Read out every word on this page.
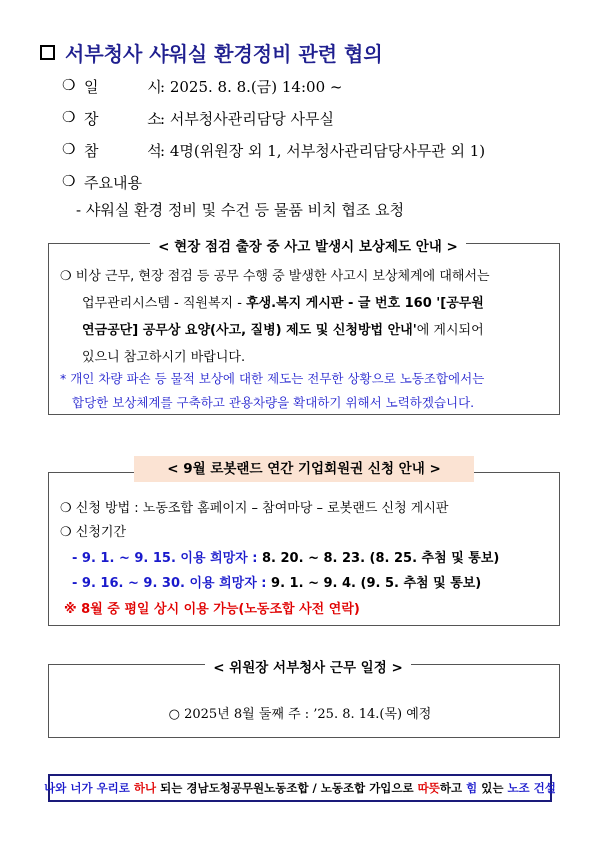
서부청사 샤워실 환경정비 관련 협의
❍ 일 시
: 2025. 8. 8.(금) 14:00 ~
❍ 장 소
: 서부청사관리담당 사무실
❍ 참 석
: 4명(위원장 외 1, 서부청사관리담당사무관 외 1)
❍ 주요내용
- 샤워실 환경 정비 및 수건 등 물품 비치 협조 요청
< 현장 점검 출장 중 사고 발생시 보상제도 안내 >
❍ 비상 근무, 현장 점검 등 공무 수행 중 발생한 사고시 보상체계에 대해서는
업무관리시스템 - 직원복지 - 후생.복지 게시판 - 글 번호 160 '[공무원
연금공단] 공무상 요양(사고, 질병) 제도 및 신청방법 안내'에 게시되어
있으니 참고하시기 바랍니다.
* 개인 차량 파손 등 물적 보상에 대한 제도는 전무한 상황으로 노동조합에서는
합당한 보상체계를 구축하고 관용차량을 확대하기 위해서 노력하겠습니다.
< 9월 로봇랜드 연간 기업회원권 신청 안내 >
❍ 신청 방법 : 노동조합 홈페이지 – 참여마당 – 로봇랜드 신청 게시판
❍ 신청기간
- 9. 1. ~ 9. 15. 이용 희망자 : 8. 20. ~ 8. 23. (8. 25. 추첨 및 통보)
- 9. 16. ~ 9. 30. 이용 희망자 : 9. 1. ~ 9. 4. (9. 5. 추첨 및 통보)
※ 8월 중 평일 상시 이용 가능(노동조합 사전 연락)
< 위원장 서부청사 근무 일정 >
○ 2025년 8월 둘째 주 : ’25. 8. 14.(목) 예정
나와 너가 우리로 하나 되는 경남도청공무원노동조합 / 노동조합 가입으로 따뜻 하고 힘 있는 노조 건설
